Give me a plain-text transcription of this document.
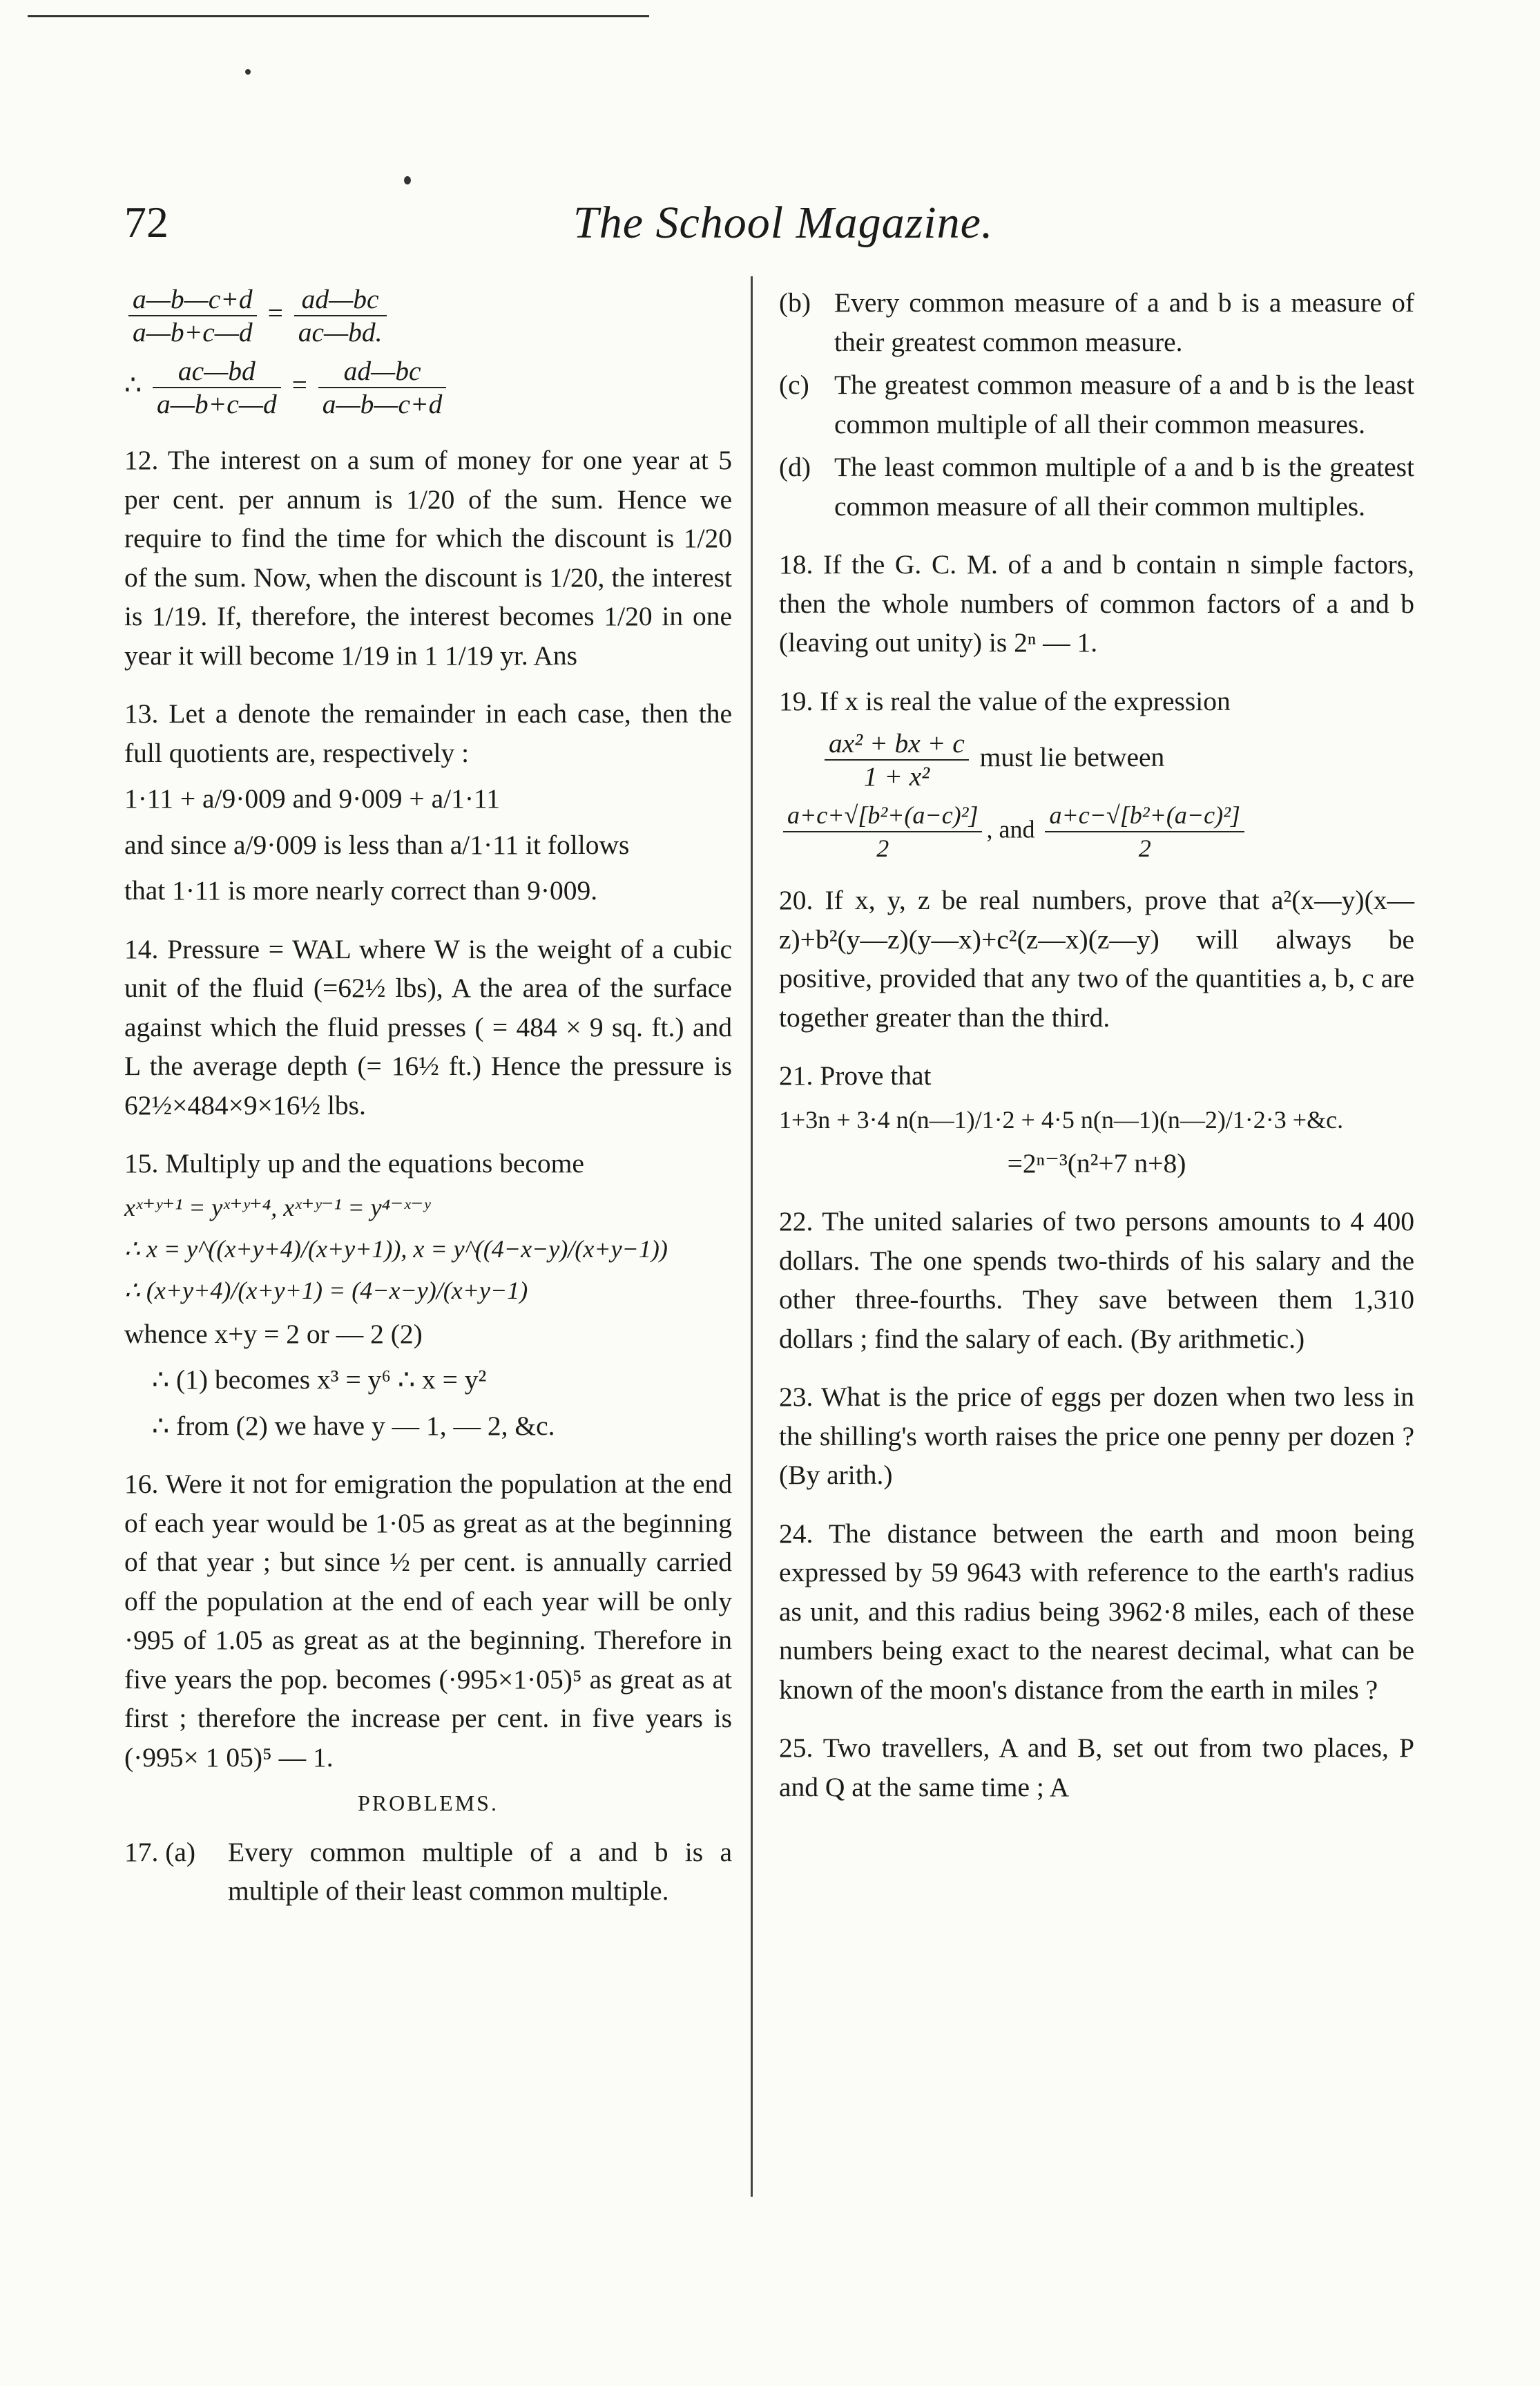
72	The School Magazine.
$\frac{a—b—c+d}{a—b+c—d} = \frac{ad—bc}{ac—bd.}$
∴ $\frac{ac—bd}{a—b+c—d} = \frac{ad—bc}{a—b—c+d}$

12. The interest on a sum of money for one year at 5 per cent. per annum is 1/20 of the sum. Hence we require to find the time for which the discount is 1/20 of the sum. Now, when the discount is 1/20, the interest is 1/19. If, therefore, the interest becomes 1/20 in one year it will become 1/19 in 1 1/19 yr. Ans

13. Let a denote the remainder in each case, then the full quotients are, respectively :

1·11 + a/9·009 and 9·009 + a/1·11
and since a/9·009 is less than a/1·11 it follows

that 1·11 is more nearly correct than 9·009.

14. Pressure = WAL where W is the weight of a cubic unit of the fluid (=62½ lbs), A the area of the surface against which the fluid presses ( = 484 × 9 sq. ft.) and L the average depth (= 16½ ft.) Hence the pressure is 62½×484×9×16½ lbs.

15. Multiply up and the equations become
xˣ⁺ʸ⁺¹ = yˣ⁺ʸ⁺⁴, xˣ⁺ʸ⁻¹ = y⁴⁻ˣ⁻ʸ
∴ x = y^((x+y+4)/(x+y+1)), x = y^((4−x−y)/(x+y−1))
∴ (x+y+4)/(x+y+1) = (4−x−y)/(x+y−1)
whence x+y = 2 or — 2 (2)
∴ (1) becomes x³ = y⁶ ∴ x = y²

∴ from (2) we have y — 1, — 2, &c.

16. Were it not for emigration the population at the end of each year would be 1·05 as great as at the beginning of that year ; but since ½ per cent. is annually carried off the population at the end of each year will be only ·995 of 1.05 as great as at the beginning. Therefore in five years the pop. becomes (·995×1·05)⁵ as great as at first ; therefore the increase per cent. in five years is (·995× 1 05)⁵ — 1.

PROBLEMS.
17. (a)	Every common multiple of a and b is a multiple of their least common multiple.
(b) Every common measure of a and b is a measure of their greatest common measure.
(c) The greatest common measure of a and b is the least common multiple of all their common measures.
(d) The least common multiple of a and b is the greatest common measure of all their common multiples.

18. If the G. C. M. of a and b contain n simple factors, then the whole numbers of common factors of a and b (leaving out unity) is 2ⁿ — 1.

19. If x is real the value of the expression
$\frac{\text{ax² + bx + c}}{\text{1 + x²}}$ must lie between
$\frac{\text{a+c+√[b²+(a−c)²]}}{2}$ , and $\frac{\text{a+c−√[b²+(a−c)²]}}{2}$

20. If x, y, z be real numbers, prove that a²(x—y)(x—z)+b²(y—z)(y—x)+c²(z—x)(z—y) will always be positive, provided that any two of the quantities a, b, c are together greater than the third.

21. Prove that
1+3n + 3·4 n(n—1)/1·2 + 4·5 n(n—1)(n—2)/1·2·3 +&c.

=2ⁿ⁻³(n²+7 n+8)

22. The united salaries of two persons amounts to 4 400 dollars. The one spends two-thirds of his salary and the other three-fourths. They save between them 1,310 dollars ; find the salary of each. (By arithmetic.)

23. What is the price of eggs per dozen when two less in the shilling's worth raises the price one penny per dozen ? (By arith.)

24. The distance between the earth and moon being expressed by 59 9643 with reference to the earth's radius as unit, and this radius being 3962·8 miles, each of these numbers being exact to the nearest decimal, what can be known of the moon's distance from the earth in miles ?

25. Two travellers, A and B, set out from two places, P and Q at the same time ; A
